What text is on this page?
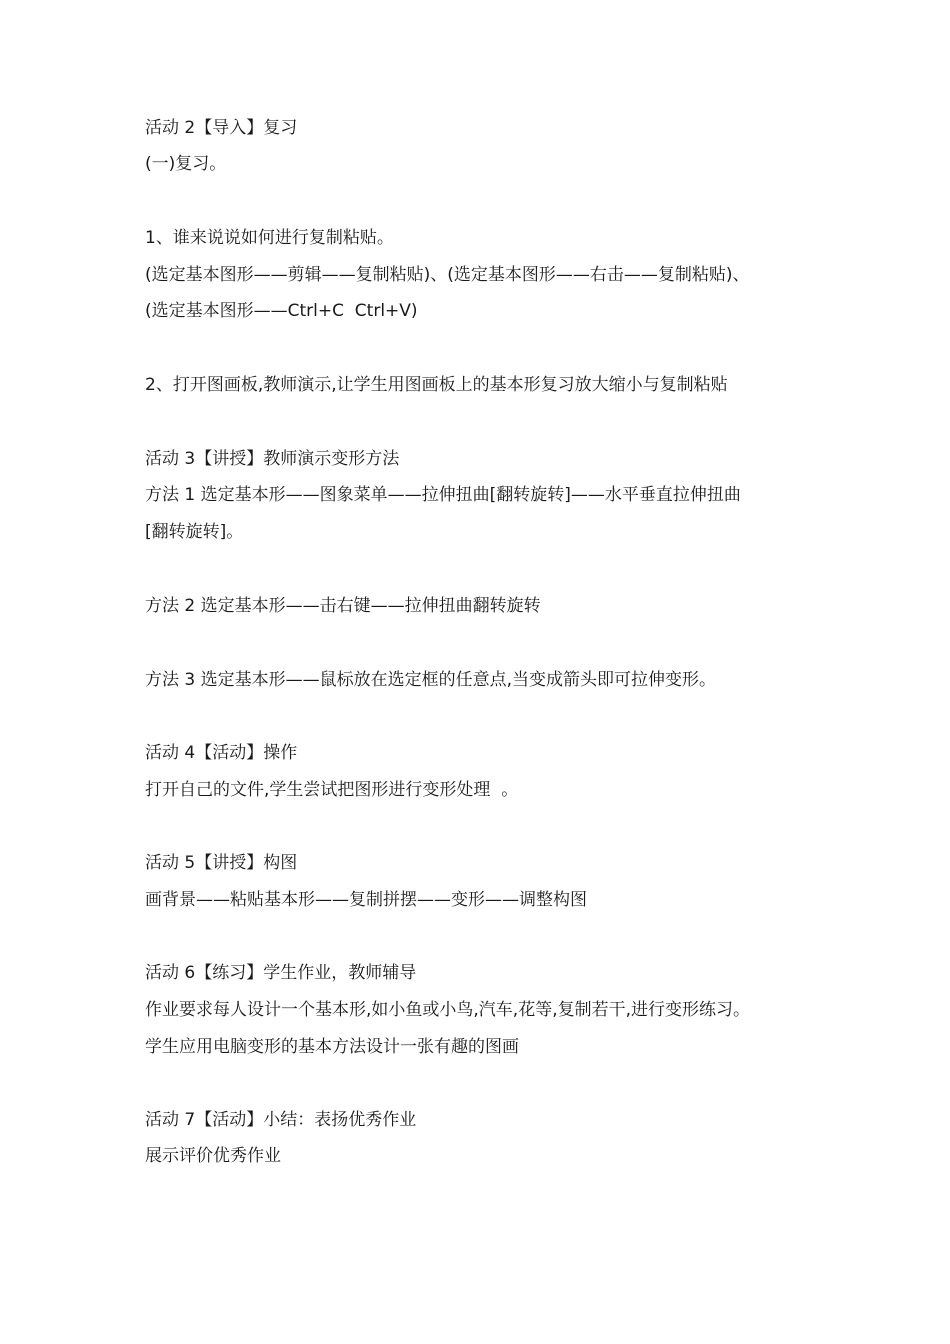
活动 2【导入】复习

(一)复习。

1、谁来说说如何进行复制粘贴。

(选定基本图形——剪辑——复制粘贴)、(选定基本图形——右击——复制粘贴)、

(选定基本图形——Ctrl+C  Ctrl+V)

2、打开图画板,教师演示,让学生用图画板上的基本形复习放大缩小与复制粘贴

活动 3【讲授】教师演示变形方法

方法 1 选定基本形——图象菜单——拉伸扭曲[翻转旋转]——水平垂直拉伸扭曲

[翻转旋转]。

方法 2 选定基本形——击右键——拉伸扭曲翻转旋转

方法 3 选定基本形——鼠标放在选定框的任意点,当变成箭头即可拉伸变形。

活动 4【活动】操作

打开自己的文件,学生尝试把图形进行变形处理  。

活动 5【讲授】构图

画背景——粘贴基本形——复制拼摆——变形——调整构图

活动 6【练习】学生作业，教师辅导

作业要求每人设计一个基本形,如小鱼或小鸟,汽车,花等,复制若干,进行变形练习。

学生应用电脑变形的基本方法设计一张有趣的图画

活动 7【活动】小结：表扬优秀作业

展示评价优秀作业
